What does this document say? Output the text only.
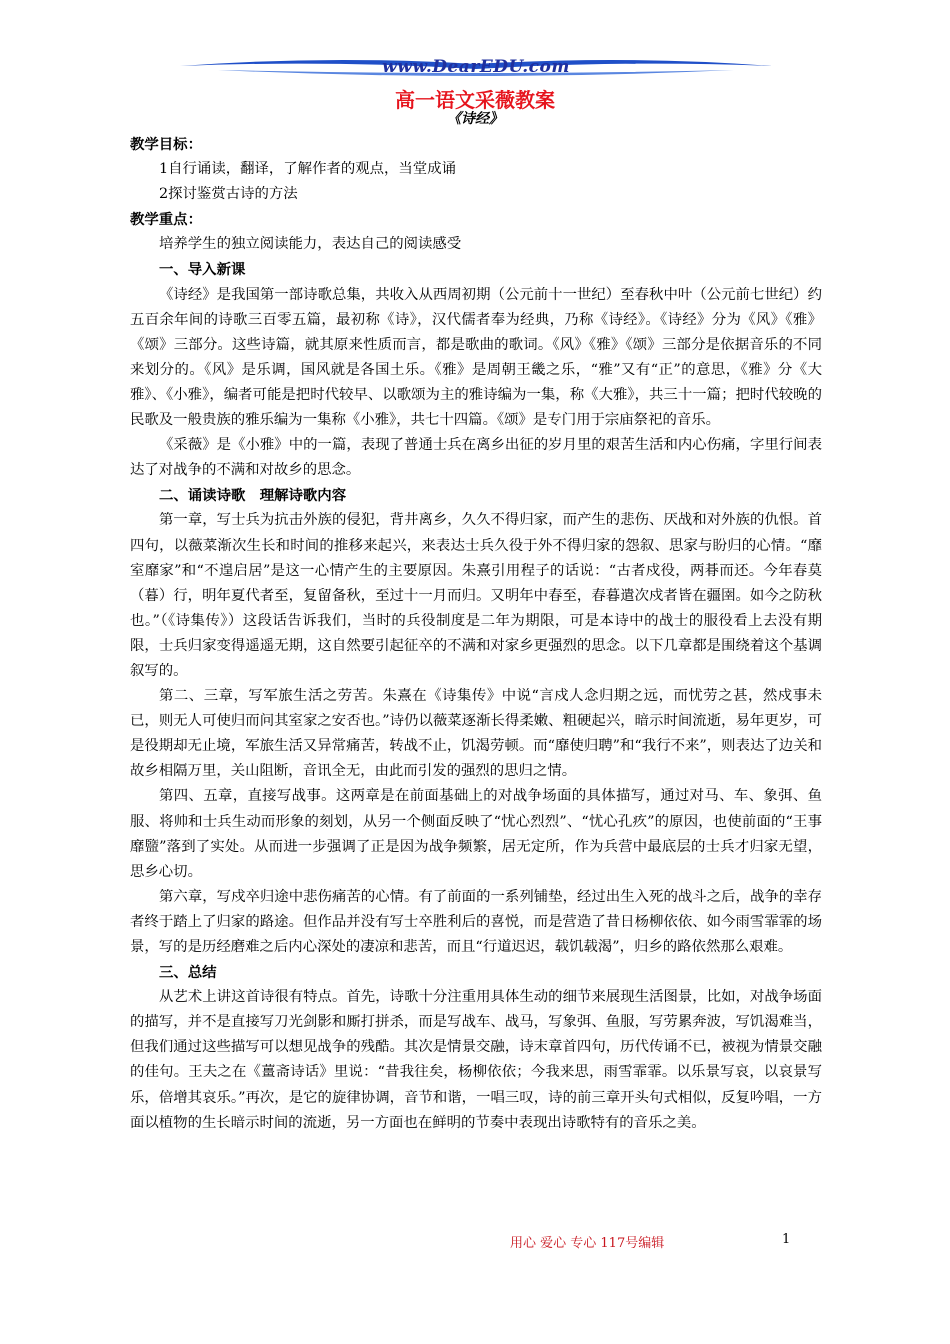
www.DearEDU.com
高一语文采薇教案
《诗经》

教学目标：

1自行诵读，翻译，了解作者的观点，当堂成诵

2探讨鉴赏古诗的方法

教学重点：

培养学生的独立阅读能力，表达自己的阅读感受

一、导入新课

《诗经》是我国第一部诗歌总集，共收入从西周初期（公元前十一世纪）至春秋中叶（公元前七世纪）约五百余年间的诗歌三百零五篇，最初称《诗》，汉代儒者奉为经典，乃称《诗经》。《诗经》分为《风》《雅》《颂》三部分。这些诗篇，就其原来性质而言，都是歌曲的歌词。《风》《雅》《颂》三部分是依据音乐的不同来划分的。《风》是乐调，国风就是各国土乐。《雅》是周朝王畿之乐，“雅”又有“正”的意思，《雅》分《大雅》、《小雅》，编者可能是把时代较早、以歌颂为主的雅诗编为一集，称《大雅》，共三十一篇；把时代较晚的民歌及一般贵族的雅乐编为一集称《小雅》，共七十四篇。《颂》是专门用于宗庙祭祀的音乐。

《采薇》是《小雅》中的一篇，表现了普通士兵在离乡出征的岁月里的艰苦生活和内心伤痛，字里行间表达了对战争的不满和对故乡的思念。

二、诵读诗歌　理解诗歌内容

第一章，写士兵为抗击外族的侵犯，背井离乡，久久不得归家，而产生的悲伤、厌战和对外族的仇恨。首四句，以薇菜渐次生长和时间的推移来起兴，来表达士兵久役于外不得归家的怨叙、思家与盼归的心情。“靡室靡家”和“不遑启居”是这一心情产生的主要原因。朱熹引用程子的话说：“古者戍役，两朞而还。今年春莫（暮）行，明年夏代者至，复留备秋，至过十一月而归。又明年中春至，春暮遣次戍者皆在疆圉。如今之防秋也。”（《诗集传》）这段话告诉我们，当时的兵役制度是二年为期限，可是本诗中的战士的服役看上去没有期限，士兵归家变得遥遥无期，这自然要引起征卒的不满和对家乡更强烈的思念。以下几章都是围绕着这个基调叙写的。

第二、三章，写军旅生活之劳苦。朱熹在《诗集传》中说“言戍人念归期之远，而忧劳之甚，然戍事未已，则无人可使归而问其室家之安否也。”诗仍以薇菜逐渐长得柔嫩、粗硬起兴，暗示时间流逝，易年更岁，可是役期却无止境，军旅生活又异常痛苦，转战不止，饥渴劳顿。而“靡使归聘”和“我行不来”，则表达了边关和故乡相隔万里，关山阻断，音讯全无，由此而引发的强烈的思归之情。

第四、五章，直接写战事。这两章是在前面基础上的对战争场面的具体描写，通过对马、车、象弭、鱼服、将帅和士兵生动而形象的刻划，从另一个侧面反映了“忧心烈烈”、“忧心孔疚”的原因，也使前面的“王事靡盬”落到了实处。从而进一步强调了正是因为战争频繁，居无定所，作为兵营中最底层的士兵才归家无望，思乡心切。

第六章，写戍卒归途中悲伤痛苦的心情。有了前面的一系列铺垫，经过出生入死的战斗之后，战争的幸存者终于踏上了归家的路途。但作品并没有写士卒胜利后的喜悦，而是营造了昔日杨柳依依、如今雨雪霏霏的场景，写的是历经磨难之后内心深处的凄凉和悲苦，而且“行道迟迟，载饥载渴”，归乡的路依然那么艰难。

三、总结

从艺术上讲这首诗很有特点。首先，诗歌十分注重用具体生动的细节来展现生活图景，比如，对战争场面的描写，并不是直接写刀光剑影和厮打拼杀，而是写战车、战马，写象弭、鱼服，写劳累奔波，写饥渴难当，但我们通过这些描写可以想见战争的残酷。其次是情景交融，诗末章首四句，历代传诵不已，被视为情景交融的佳句。王夫之在《薑斋诗话》里说：“昔我往矣，杨柳依依；今我来思，雨雪霏霏。以乐景写哀，以哀景写乐，倍增其哀乐。”再次，是它的旋律协调，音节和谐，一唱三叹，诗的前三章开头句式相似，反复吟唱，一方面以植物的生长暗示时间的流逝，另一方面也在鲜明的节奏中表现出诗歌特有的音乐之美。

用心 爱心 专心 117号编辑	1
